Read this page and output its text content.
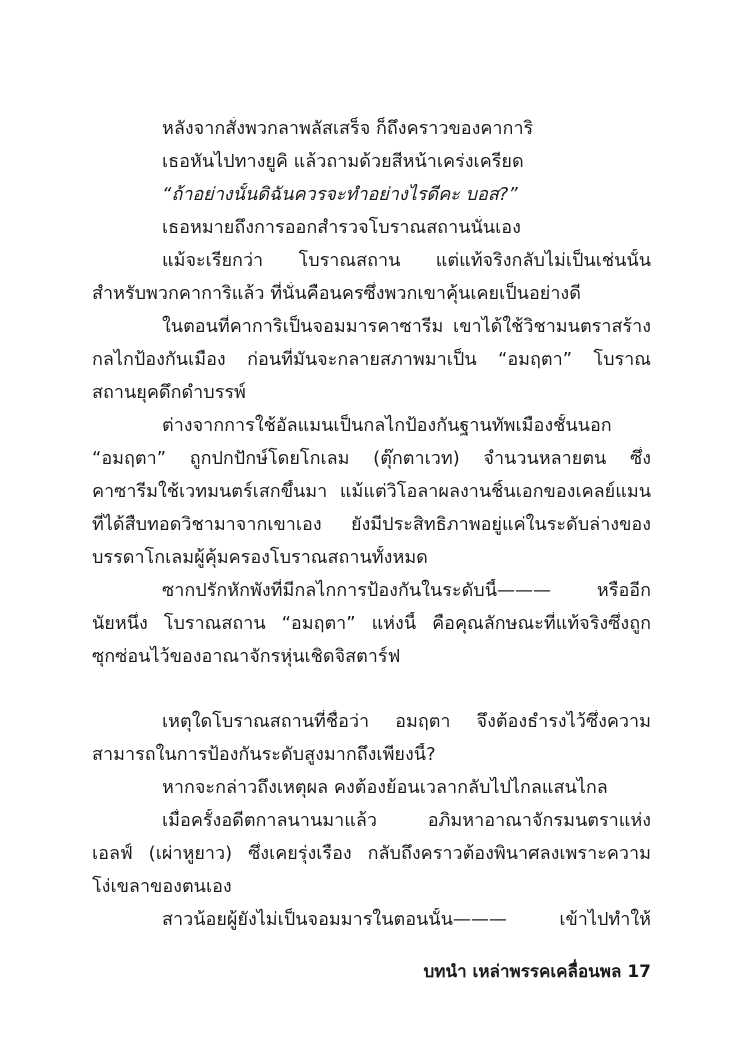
หลังจากสั่งพวกลาพลัสเสร็จ ก็ถึงคราวของคาการิ
เธอหันไปทางยูคิ แล้วถามด้วยสีหน้าเคร่งเครียด
“ถ้าอย่างนั้นดิฉันควรจะทำอย่างไรดีคะ บอส?”
เธอหมายถึงการออกสำรวจโบราณสถานนั่นเอง
แม้จะเรียกว่า โบราณสถาน แต่แท้จริงกลับไม่เป็นเช่นนั้น
สำหรับพวกคาการิแล้ว ที่นั่นคือนครซึ่งพวกเขาคุ้นเคยเป็นอย่างดี
ในตอนที่คาการิเป็นจอมมารคาซารีม เขาได้ใช้วิชามนตราสร้าง
กลไกป้องกันเมือง ก่อนที่มันจะกลายสภาพมาเป็น “อมฤตา” โบราณ
สถานยุคดึกดำบรรพ์
ต่างจากการใช้อัลแมนเป็นกลไกป้องกันฐานทัพเมืองชั้นนอก
“อมฤตา” ถูกปกปักษ์โดยโกเลม (ตุ๊กตาเวท) จำนวนหลายตน ซึ่ง
คาซารีมใช้เวทมนตร์เสกขึ้นมา แม้แต่วิโอลาผลงานชิ้นเอกของเคลย์แมน
ที่ได้สืบทอดวิชามาจากเขาเอง ยังมีประสิทธิภาพอยู่แค่ในระดับล่างของ
บรรดาโกเลมผู้คุ้มครองโบราณสถานทั้งหมด
ซากปรักหักพังที่มีกลไกการป้องกันในระดับนี้——— หรืออีก
นัยหนึ่ง โบราณสถาน “อมฤตา” แห่งนี้ คือคุณลักษณะที่แท้จริงซึ่งถูก
ซุกซ่อนไว้ของอาณาจักรหุ่นเชิดจิสตาร์ฟ
เหตุใดโบราณสถานที่ชื่อว่า อมฤตา จึงต้องธำรงไว้ซึ่งความ
สามารถในการป้องกันระดับสูงมากถึงเพียงนี้?
หากจะกล่าวถึงเหตุผล คงต้องย้อนเวลากลับไปไกลแสนไกล
เมื่อครั้งอดีตกาลนานมาแล้ว อภิมหาอาณาจักรมนตราแห่ง
เอลฟ์ (เผ่าหูยาว) ซึ่งเคยรุ่งเรือง กลับถึงคราวต้องพินาศลงเพราะความ
โง่เขลาของตนเอง
สาวน้อยผู้ยังไม่เป็นจอมมารในตอนนั้น——— เข้าไปทำให้
บทนำ เหล่าพรรคเคลื่อนพล 17
